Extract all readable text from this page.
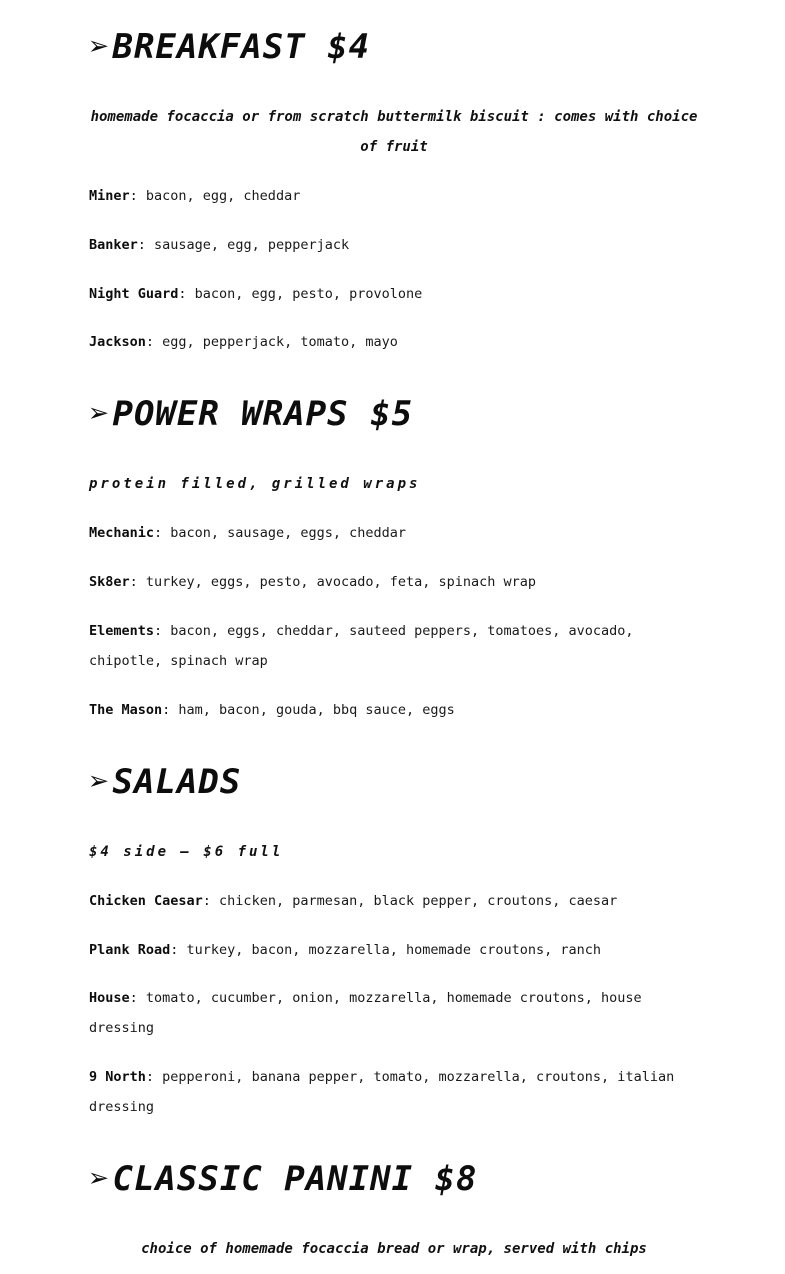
➢BREAKFAST $4

homemade focaccia or from scratch buttermilk biscuit : comes with choice of fruit

Miner: bacon, egg, cheddar

Banker: sausage, egg, pepperjack

Night Guard: bacon, egg, pesto, provolone

Jackson: egg, pepperjack, tomato, mayo

➢POWER WRAPS $5

protein filled, grilled wraps

Mechanic: bacon, sausage, eggs, cheddar

Sk8er: turkey, eggs, pesto, avocado, feta, spinach wrap

Elements: bacon, eggs, cheddar, sauteed peppers, tomatoes, avocado, chipotle, spinach wrap

The Mason: ham, bacon, gouda, bbq sauce, eggs

➢SALADS

$4 side – $6 full

Chicken Caesar: chicken, parmesan, black pepper, croutons, caesar

Plank Road: turkey, bacon, mozzarella, homemade croutons, ranch

House: tomato, cucumber, onion, mozzarella, homemade croutons, house dressing

9 North: pepperoni, banana pepper, tomato, mozzarella, croutons, italian dressing

➢CLASSIC PANINI $8

choice of homemade focaccia bread or wrap, served with chips
